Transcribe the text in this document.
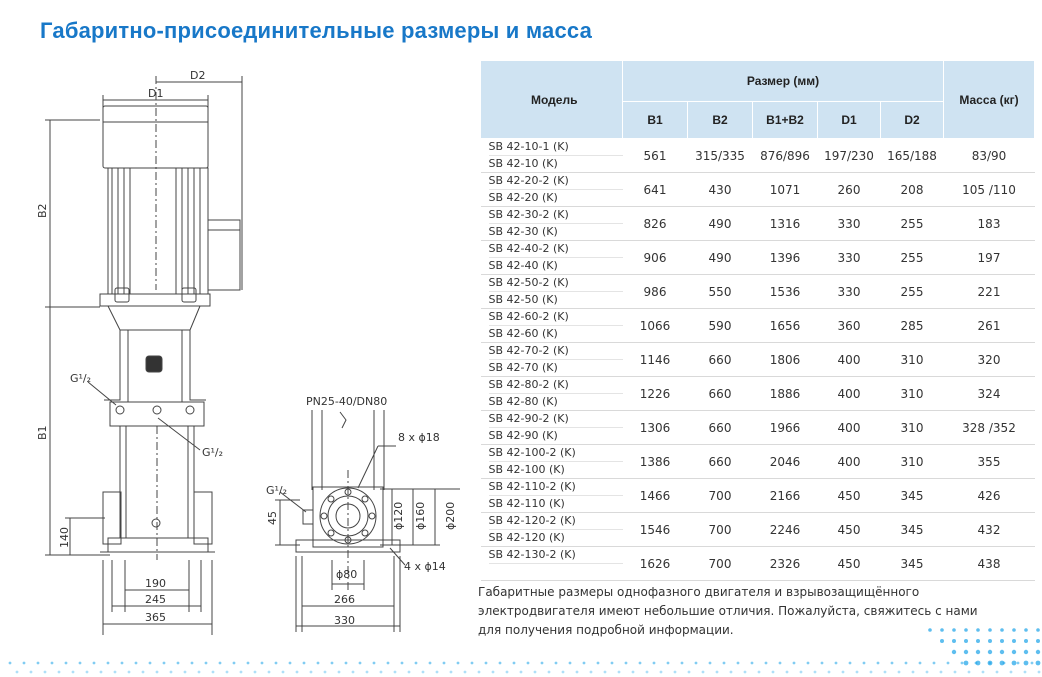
Габаритно-присоединительные размеры и масса
D2
D1
B2
B1
G¹/₂
G¹/₂
140
190
245
365
PN25-40/DN80
8 x ϕ18
ϕ120 ϕ160 ϕ200
G¹/₂
45
ϕ80
4 x ϕ14
266
330
Модель	Размер (мм)					Масса (кг)
	B1	B2	B1+B2	D1	D2	

SB 42-10-1 (K)
SB 42-10 (K)	561	315/335	876/896	197/230	165/188	83/90

SB 42-20-2 (K)
SB 42-20 (K)	641	430	1071	260	208	105 /110

SB 42-30-2 (K)
SB 42-30 (K)	826	490	1316	330	255	183

SB 42-40-2 (K)
SB 42-40 (K)	906	490	1396	330	255	197

SB 42-50-2 (K)
SB 42-50 (K)	986	550	1536	330	255	221

SB 42-60-2 (K)
SB 42-60 (K)	1066	590	1656	360	285	261

SB 42-70-2 (K)
SB 42-70 (K)	1146	660	1806	400	310	320

SB 42-80-2 (K)
SB 42-80 (K)	1226	660	1886	400	310	324

SB 42-90-2 (K)
SB 42-90 (K)	1306	660	1966	400	310	328 /352

SB 42-100-2 (K)
SB 42-100 (K)	1386	660	2046	400	310	355

SB 42-110-2 (K)
SB 42-110 (K)	1466	700	2166	450	345	426

SB 42-120-2 (K)
SB 42-120 (K)	1546	700	2246	450	345	432

SB 42-130-2 (K)	1626	700	2326	450	345	438
Габаритные размеры однофазного двигателя и взрывозащищённого электродвигателя имеют небольшие отличия. Пожалуйста, свяжитесь с нами для получения подробной информации.
